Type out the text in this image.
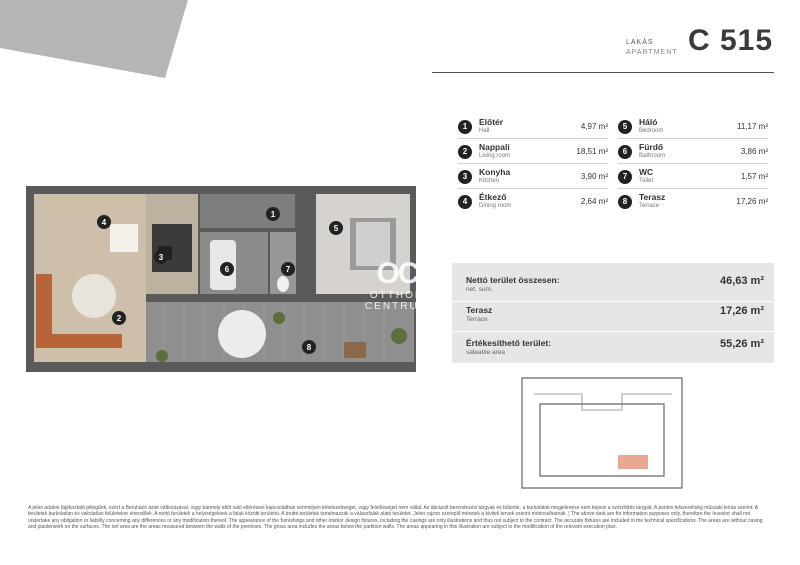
LAKÁS
APARTMENT C 515
1	Előtér
Hall	4,97 m²
2	Nappali
Living room	18,51 m²
3	Konyha
Kitchen	3,90 m²
4	Étkező
Dining room	2,64 m²
5	Háló
Bedroom	11,17 m²
6	Fürdő
Bathroom	3,86 m²
7	WC
Toilet	1,57 m²
8	Terasz
Terrace	17,26 m²
Nettó terület összesen:
net. sum.
46,63 m²
Terasz
Terrace
17,26 m²
Értékesíthető terület:
saleable area
55,26 m²
4
2
3
1
6	7
5
8
OC
OTTHON
CENTRUM
A jelen adatok tájékoztató jellegűek, ezért a Beruházó azok változásával, vagy bármely attól való eltéréssel kapcsolatban semmilyen kötelezettséget, vagy felelősséget nem vállal. Az ábrázolt berendezési tárgyak és bútorok, a burkolatok megjelenése nem képezi a szerződés tárgyát. A pontos felszereltség műszaki leírás szerint. A területek burkolatlan és vakolatlan felületekre értendőek. A nettó területek a helyiségeknek a falak közötti területei. A bruttó területek tartalmazzák a válaszfalak alatti területet. Jelen rajzon szereplő méretek a kiviteli tervek szerint módosulhatnak. | The above data are for information purposes only, therefore the Investor shall not undertake any obligation or liability concerning any differences or any modification thereof. The appearance of the furnishings and other interior design fixtures, including the casings are only illustrations and thus not subject to the contract. The accurate fixtures are included in the technical specifications. The areas are without casing and plasterwork on the surfaces. The net area are the areas measured between the walls of the premises. The gross area includes the areas below the partition walls. The areas appearing in this illustration are subject to the modification of the relevant execution plan.
